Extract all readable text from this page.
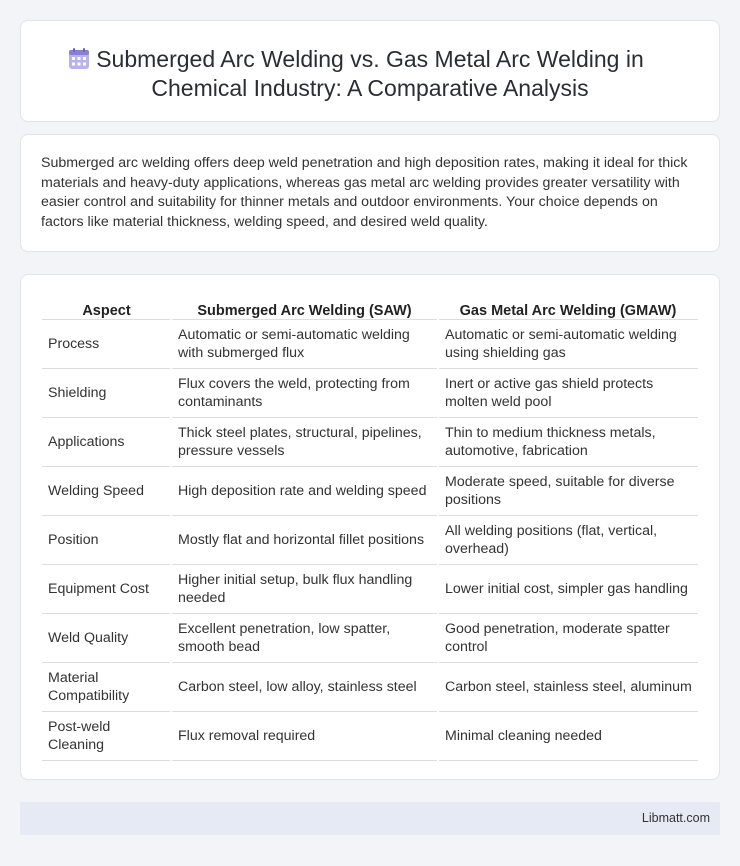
Submerged Arc Welding vs. Gas Metal Arc Welding in
Chemical Industry: A Comparative Analysis

Submerged arc welding offers deep weld penetration and high deposition rates, making it ideal for thick materials and heavy-duty applications, whereas gas metal arc welding provides greater versatility with easier control and suitability for thinner metals and outdoor environments. Your choice depends on factors like material thickness, welding speed, and desired weld quality.

Aspect	Submerged Arc Welding (SAW)	Gas Metal Arc Welding (GMAW)
Process	Automatic or semi-automatic welding with submerged flux	Automatic or semi-automatic welding using shielding gas
Shielding	Flux covers the weld, protecting from contaminants	Inert or active gas shield protects molten weld pool
Applications	Thick steel plates, structural, pipelines, pressure vessels	Thin to medium thickness metals, automotive, fabrication
Welding Speed	High deposition rate and welding speed	Moderate speed, suitable for diverse positions
Position	Mostly flat and horizontal fillet positions	All welding positions (flat, vertical, overhead)
Equipment Cost	Higher initial setup, bulk flux handling needed	Lower initial cost, simpler gas handling
Weld Quality	Excellent penetration, low spatter, smooth bead	Good penetration, moderate spatter control
Material Compatibility	Carbon steel, low alloy, stainless steel	Carbon steel, stainless steel, aluminum
Post-weld Cleaning	Flux removal required	Minimal cleaning needed
Libmatt.com
